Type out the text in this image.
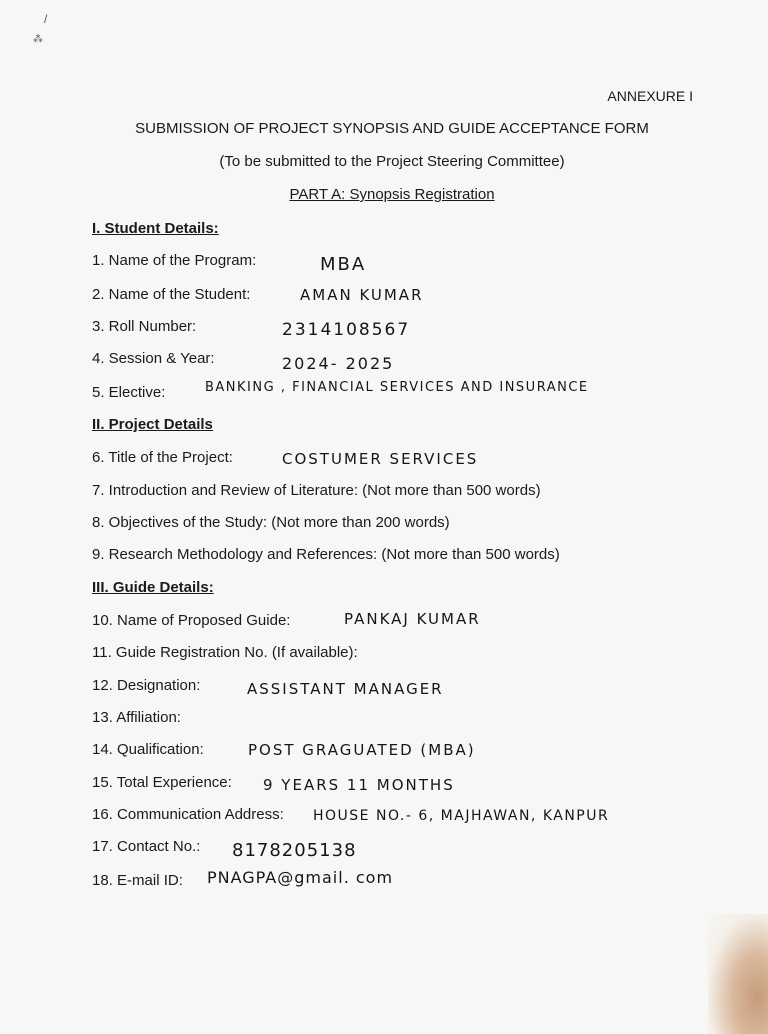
/
⁂
ANNEXURE I
SUBMISSION OF PROJECT SYNOPSIS AND GUIDE ACCEPTANCE FORM
(To be submitted to the Project Steering Committee)
PART A: Synopsis Registration
I. Student Details:
1. Name of the Program:	MBA
2. Name of the Student:	AMAN KUMAR
3. Roll Number:	2314108567
4. Session & Year:	2024- 2025
5. Elective:	BANKING , FINANCIAL SERVICES AND INSURANCE
II. Project Details
6. Title of the Project:	COSTUMER SERVICES
7. Introduction and Review of Literature: (Not more than 500 words)
8. Objectives of the Study: (Not more than 200 words)
9. Research Methodology and References: (Not more than 500 words)
III. Guide Details:
10. Name of Proposed Guide:	PANKAJ KUMAR
11. Guide Registration No. (If available):
12. Designation:	ASSISTANT MANAGER
13. Affiliation:
14. Qualification:	POST GRAGUATED (MBA)
15. Total Experience: 9 YEARS 11 MONTHS
16. Communication Address: HOUSE NO.- 6, MAJHAWAN, KANPUR
17. Contact No.: 8178205138
18. E-mail ID: PNAGPA@gmail. com
